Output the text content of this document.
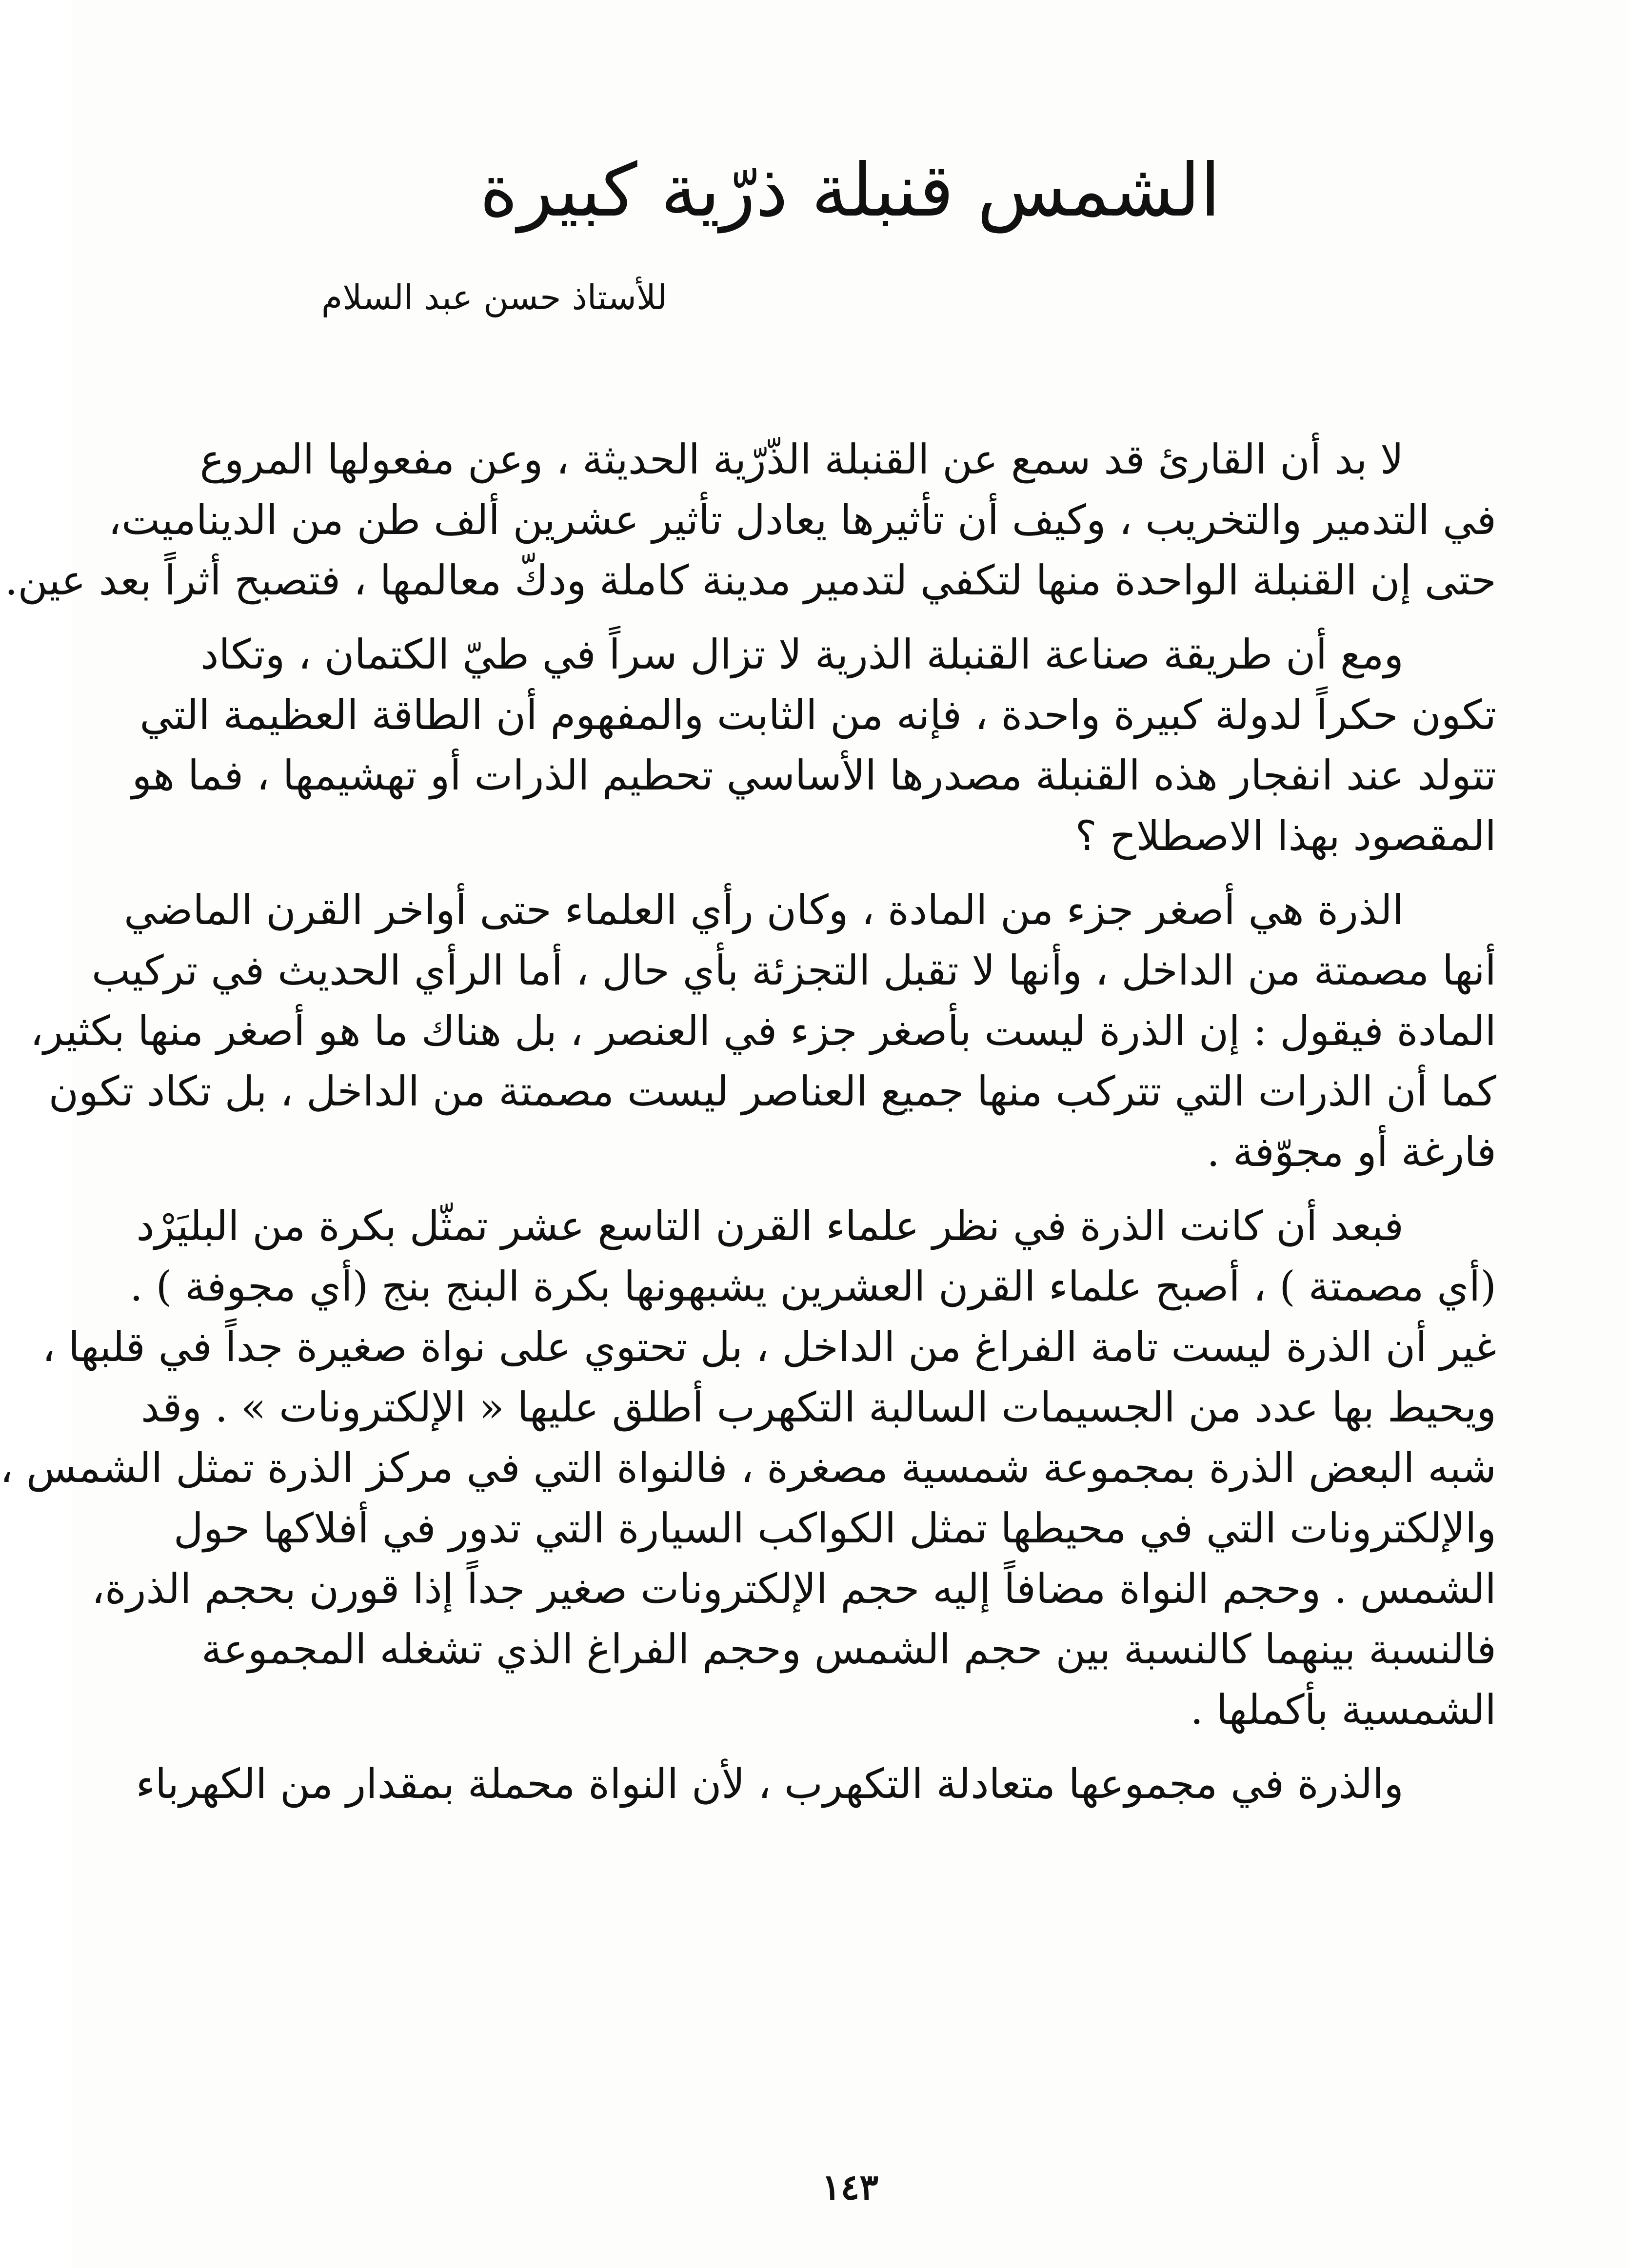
الشمس قنبلة ذرّية كبيرة
للأستاذ حسن عبد السلام
لا بد أن القارئ قد سمع عن القنبلة الذّرّية الحديثة ، وعن مفعولها المروع
في التدمير والتخريب ، وكيف أن تأثيرها يعادل تأثير عشرين ألف طن من الديناميت،
حتى إن القنبلة الواحدة منها لتكفي لتدمير مدينة كاملة ودكّ معالمها ، فتصبح أثراً بعد عين.
ومع أن طريقة صناعة القنبلة الذرية لا تزال سراً في طيّ الكتمان ، وتكاد
تكون حكراً لدولة كبيرة واحدة ، فإنه من الثابت والمفهوم أن الطاقة العظيمة التي
تتولد عند انفجار هذه القنبلة مصدرها الأساسي تحطيم الذرات أو تهشيمها ، فما هو
المقصود بهذا الاصطلاح ؟
الذرة هي أصغر جزء من المادة ، وكان رأي العلماء حتى أواخر القرن الماضي
أنها مصمتة من الداخل ، وأنها لا تقبل التجزئة بأي حال ، أما الرأي الحديث في تركيب
المادة فيقول : إن الذرة ليست بأصغر جزء في العنصر ، بل هناك ما هو أصغر منها بكثير،
كما أن الذرات التي تتركب منها جميع العناصر ليست مصمتة من الداخل ، بل تكاد تكون
فارغة أو مجوّفة .
فبعد أن كانت الذرة في نظر علماء القرن التاسع عشر تمثّل بكرة من البليَرْد
(أي مصمتة ) ، أصبح علماء القرن العشرين يشبهونها بكرة البنج بنج (أي مجوفة ) .
غير أن الذرة ليست تامة الفراغ من الداخل ، بل تحتوي على نواة صغيرة جداً في قلبها ،
ويحيط بها عدد من الجسيمات السالبة التكهرب أطلق عليها « الإلكترونات » . وقد
شبه البعض الذرة بمجموعة شمسية مصغرة ، فالنواة التي في مركز الذرة تمثل الشمس ،
والإلكترونات التي في محيطها تمثل الكواكب السيارة التي تدور في أفلاكها حول
الشمس . وحجم النواة مضافاً إليه حجم الإلكترونات صغير جداً إذا قورن بحجم الذرة،
فالنسبة بينهما كالنسبة بين حجم الشمس وحجم الفراغ الذي تشغله المجموعة
الشمسية بأكملها .
والذرة في مجموعها متعادلة التكهرب ، لأن النواة محملة بمقدار من الكهرباء
١٤٣
